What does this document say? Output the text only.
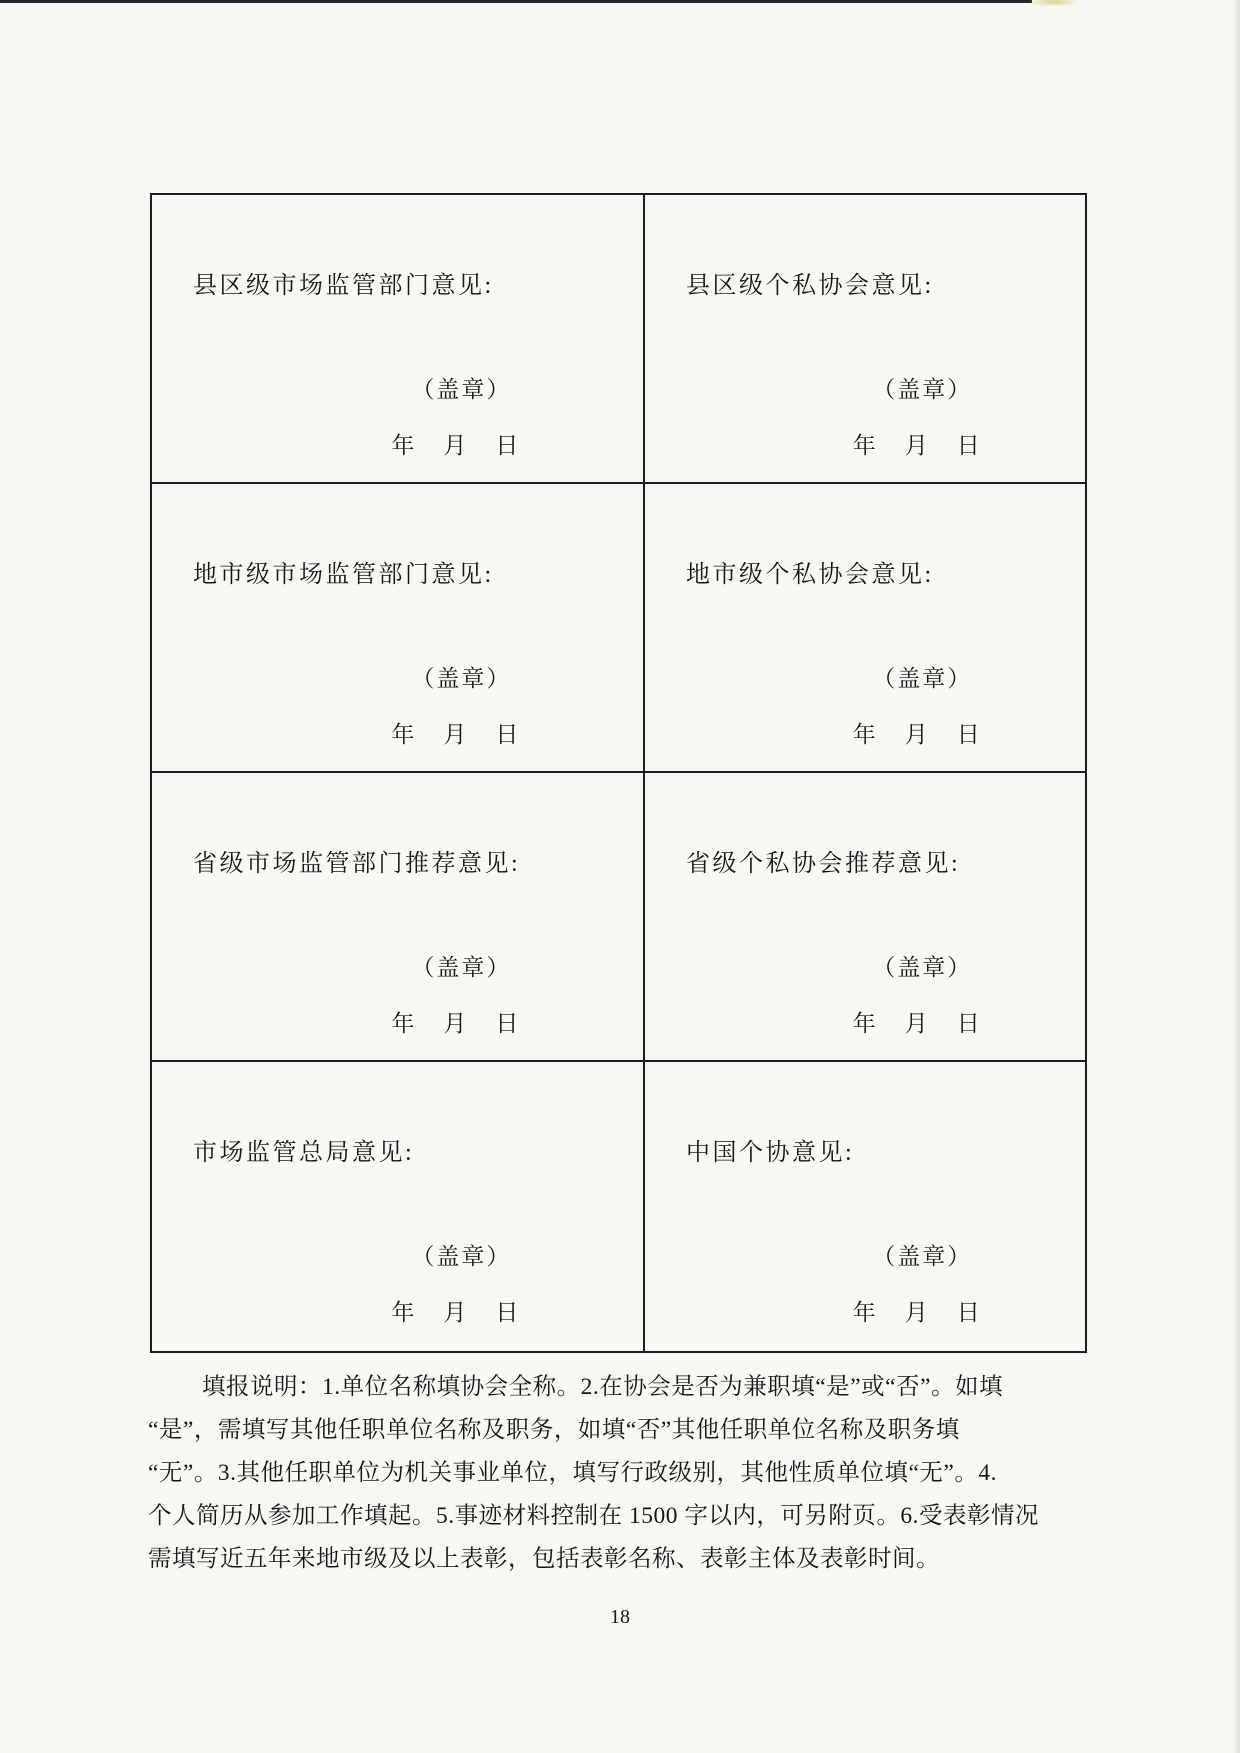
县区级市场监管部门意见:
（盖章）
年　月　日
县区级个私协会意见:
（盖章）
年　月　日
地市级市场监管部门意见:
（盖章）
年　月　日
地市级个私协会意见:
（盖章）
年　月　日
省级市场监管部门推荐意见:
（盖章）
年　月　日
省级个私协会推荐意见:
（盖章）
年　月　日
市场监管总局意见:
（盖章）
年　月　日
中国个协意见:
（盖章）
年　月　日
填报说明：1.单位名称填协会全称。2.在协会是否为兼职填“是”或“否”。如填
“是”，需填写其他任职单位名称及职务，如填“否”其他任职单位名称及职务填
“无”。3.其他任职单位为机关事业单位，填写行政级别，其他性质单位填“无”。4.
个人简历从参加工作填起。5.事迹材料控制在 1500 字以内，可另附页。6.受表彰情况
需填写近五年来地市级及以上表彰，包括表彰名称、表彰主体及表彰时间。
18
